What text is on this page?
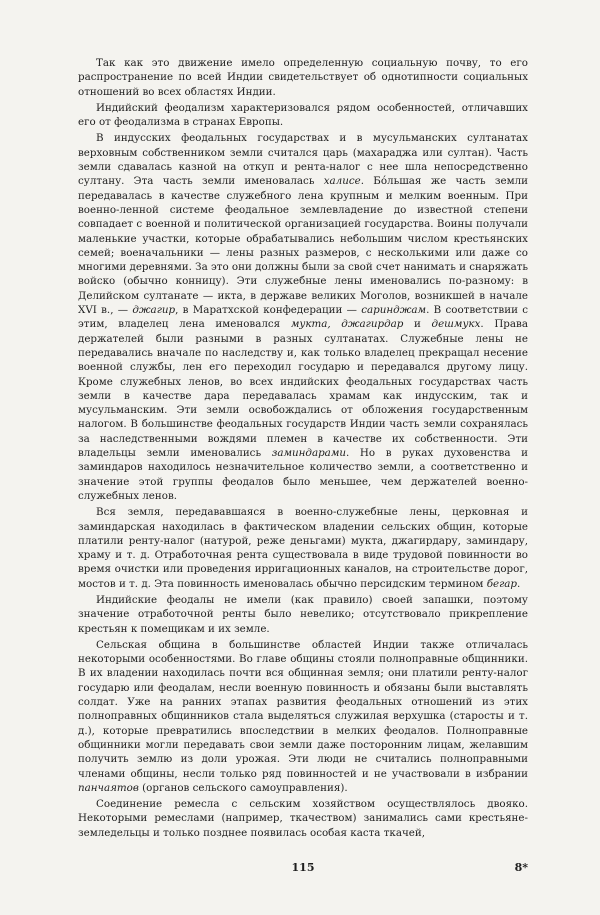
Так как это движение имело определенную социальную почву, то его распространение по всей Индии свидетельствует об однотипности социальных отношений во всех областях Индии.

Индийский феодализм характеризовался рядом особенностей, отличавших его от феодализма в странах Европы.

В индусских феодальных государствах и в мусульманских султанатах верховным собственником земли считался царь (махараджа или султан). Часть земли сдавалась казной на откуп и рента-налог с нее шла непосредственно султану. Эта часть земли именовалась халисе. Бо́льшая же часть земли передавалась в качестве служебного лена крупным и мелким военным. При военно-ленной системе феодальное землевладение до известной степени совпадает с военной и политической организацией государства. Воины получали маленькие участки, которые обрабатывались небольшим числом крестьянских семей; военачальники — лены разных размеров, с несколькими или даже со многими деревнями. За это они должны были за свой счет нанимать и снаряжать войско (обычно конницу). Эти служебные лены именовались по-разному: в Делийском султанате — икта, в державе великих Моголов, возникшей в начале XVI в., — джагир, в Маратхской конфедерации — саринджам. В соответствии с этим, владелец лена именовался мукта, джагирдар и дешмукх. Права держателей были разными в разных султанатах. Служебные лены не передавались вначале по наследству и, как только владелец прекращал несение военной службы, лен его переходил государю и передавался другому лицу. Кроме служебных ленов, во всех индийских феодальных государствах часть земли в качестве дара передавалась храмам как индусским, так и мусульманским. Эти земли освобождались от обложения государственным налогом. В большинстве феодальных государств Индии часть земли сохранялась за наследственными вождями племен в качестве их собственности. Эти владельцы земли именовались заминдарами. Но в руках духовенства и заминдаров находилось незначительное количество земли, а соответственно и значение этой группы феодалов было меньшее, чем держателей военно-служебных ленов.

Вся земля, передававшаяся в военно-служебные лены, церковная и заминдарская находилась в фактическом владении сельских общин, которые платили ренту-налог (натурой, реже деньгами) мукта, джагирдару, заминдару, храму и т. д. Отработочная рента существовала в виде трудовой повинности во время очистки или проведения ирригационных каналов, на строительстве дорог, мостов и т. д. Эта повинность именовалась обычно персидским термином бегар.

Индийские феодалы не имели (как правило) своей запашки, поэтому значение отработочной ренты было невелико; отсутствовало прикрепление крестьян к помещикам и их земле.

Сельская община в большинстве областей Индии также отличалась некоторыми особенностями. Во главе общины стояли полноправные общинники. В их владении находилась почти вся общинная земля; они платили ренту-налог государю или феодалам, несли военную повинность и обязаны были выставлять солдат. Уже на ранних этапах развития феодальных отношений из этих полноправных общинников стала выделяться служилая верхушка (старосты и т. д.), которые превратились впоследствии в мелких феодалов. Полноправные общинники могли передавать свои земли даже посторонним лицам, желавшим получить землю из доли урожая. Эти люди не считались полноправными членами общины, несли только ряд повинностей и не участвовали в избрании панчаятов (органов сельского самоуправления).

Соединение ремесла с сельским хозяйством осуществлялось двояко. Некоторыми ремеслами (например, ткачеством) занимались сами крестьяне-земледельцы и только позднее появилась особая каста ткачей,

115	8*
